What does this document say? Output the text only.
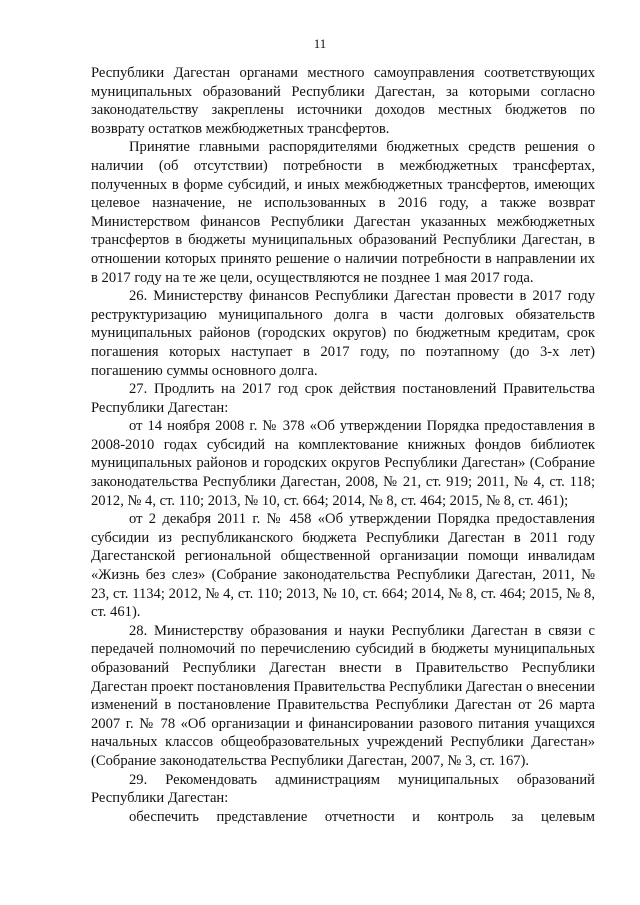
11

Республики Дагестан органами местного самоуправления соответствующих муниципальных образований Республики Дагестан, за которыми согласно законодательству закреплены источники доходов местных бюджетов по возврату остатков межбюджетных трансфертов.

Принятие главными распорядителями бюджетных средств решения о наличии (об отсутствии) потребности в межбюджетных трансфертах, полученных в форме субсидий, и иных межбюджетных трансфертов, имеющих целевое назначение, не использованных в 2016 году, а также возврат Министерством финансов Республики Дагестан указанных межбюджетных трансфертов в бюджеты муниципальных образований Республики Дагестан, в отношении которых принято решение о наличии потребности в направлении их в 2017 году на те же цели, осуществляются не позднее 1 мая 2017 года.

26. Министерству финансов Республики Дагестан провести в 2017 году реструктуризацию муниципального долга в части долговых обязательств муниципальных районов (городских округов) по бюджетным кредитам, срок погашения которых наступает в 2017 году, по поэтапному (до 3-х лет) погашению суммы основного долга.

27. Продлить на 2017 год срок действия постановлений Правительства Республики Дагестан:

от 14 ноября 2008 г. № 378 «Об утверждении Порядка предоставления в 2008-2010 годах субсидий на комплектование книжных фондов библиотек муниципальных районов и городских округов Республики Дагестан» (Собрание законодательства Республики Дагестан, 2008, № 21, ст. 919; 2011, № 4, ст. 118; 2012, № 4, ст. 110; 2013, № 10, ст. 664; 2014, № 8, ст. 464; 2015, № 8, ст. 461);

от 2 декабря 2011 г. № 458 «Об утверждении Порядка предоставления субсидии из республиканского бюджета Республики Дагестан в 2011 году Дагестанской региональной общественной организации помощи инвалидам «Жизнь без слез» (Собрание законодательства Республики Дагестан, 2011, № 23, ст. 1134; 2012, № 4, ст. 110; 2013, № 10, ст. 664; 2014, № 8, ст. 464; 2015, № 8, ст. 461).

28. Министерству образования и науки Республики Дагестан в связи с передачей полномочий по перечислению субсидий в бюджеты муниципальных образований Республики Дагестан внести в Правительство Республики Дагестан проект постановления Правительства Республики Дагестан о внесении изменений в постановление Правительства Республики Дагестан от 26 марта 2007 г. № 78 «Об организации и финансировании разового питания учащихся начальных классов общеобразовательных учреждений Республики Дагестан» (Собрание законодательства Республики Дагестан, 2007, № 3, ст. 167).

29. Рекомендовать администрациям муниципальных образований Республики Дагестан:

обеспечить представление отчетности и контроль за целевым
